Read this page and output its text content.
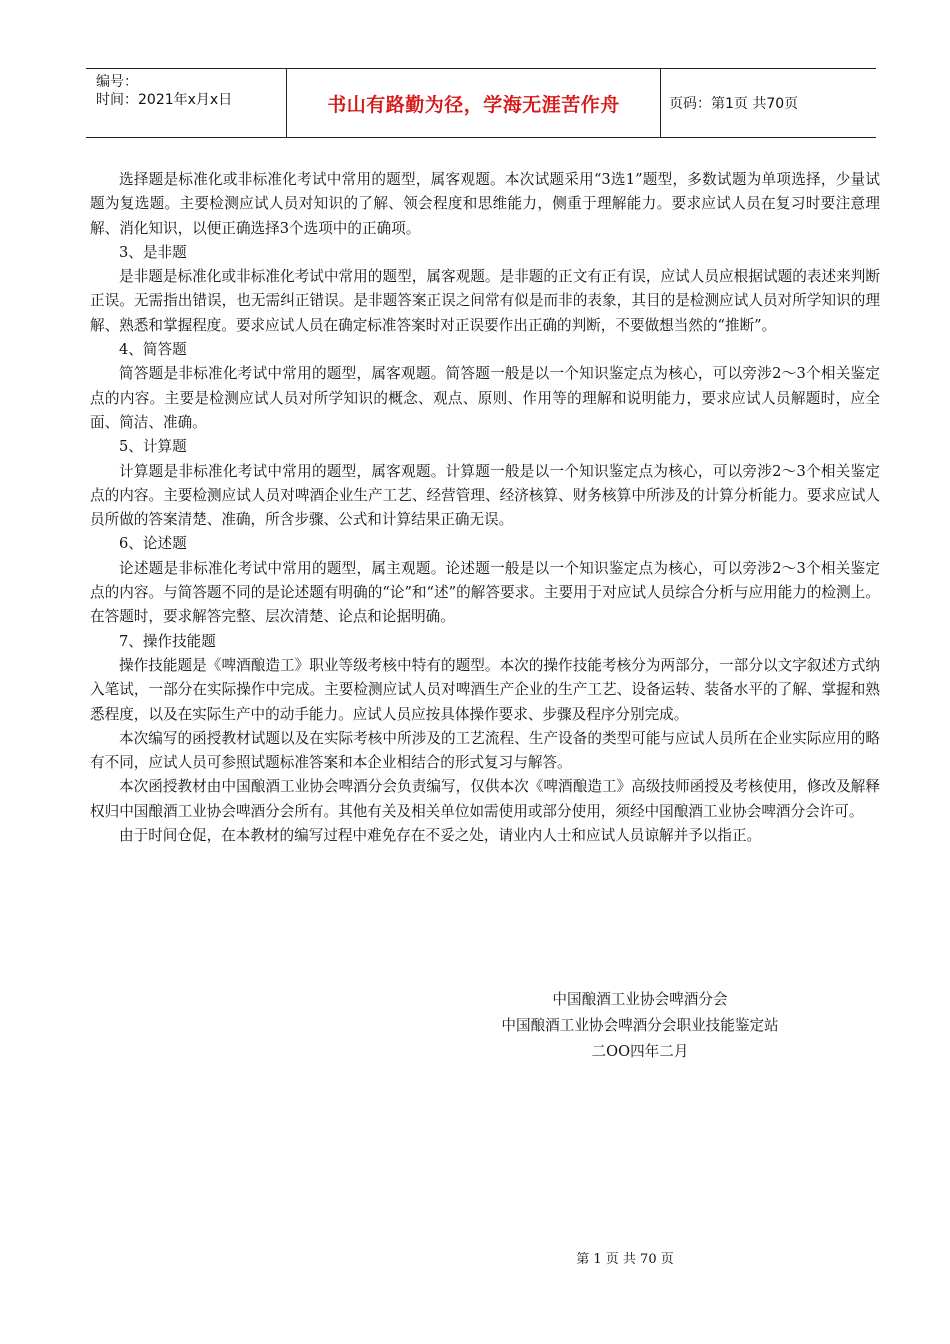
编号：
时间：2021年x月x日	书山有路勤为径，学海无涯苦作舟	页码：第1页 共70页

选择题是标准化或非标准化考试中常用的题型，属客观题。本次试题采用“3选1”题型，多数试题为单项选择，少量试题为复选题。主要检测应试人员对知识的了解、领会程度和思维能力，侧重于理解能力。要求应试人员在复习时要注意理解、消化知识，以便正确选择3个选项中的正确项。

3、是非题

是非题是标准化或非标准化考试中常用的题型，属客观题。是非题的正文有正有误，应试人员应根据试题的表述来判断正误。无需指出错误，也无需纠正错误。是非题答案正误之间常有似是而非的表象，其目的是检测应试人员对所学知识的理解、熟悉和掌握程度。要求应试人员在确定标准答案时对正误要作出正确的判断，不要做想当然的“推断”。

4、简答题

简答题是非标准化考试中常用的题型，属客观题。简答题一般是以一个知识鉴定点为核心，可以旁涉2～3个相关鉴定点的内容。主要是检测应试人员对所学知识的概念、观点、原则、作用等的理解和说明能力，要求应试人员解题时，应全面、简洁、准确。

5、计算题

计算题是非标准化考试中常用的题型，属客观题。计算题一般是以一个知识鉴定点为核心，可以旁涉2～3个相关鉴定点的内容。主要检测应试人员对啤酒企业生产工艺、经营管理、经济核算、财务核算中所涉及的计算分析能力。要求应试人员所做的答案清楚、准确，所含步骤、公式和计算结果正确无误。

6、论述题

论述题是非标准化考试中常用的题型，属主观题。论述题一般是以一个知识鉴定点为核心，可以旁涉2～3个相关鉴定点的内容。与简答题不同的是论述题有明确的“论”和“述”的解答要求。主要用于对应试人员综合分析与应用能力的检测上。在答题时，要求解答完整、层次清楚、论点和论据明确。

7、操作技能题

操作技能题是《啤酒酿造工》职业等级考核中特有的题型。本次的操作技能考核分为两部分，一部分以文字叙述方式纳入笔试，一部分在实际操作中完成。主要检测应试人员对啤酒生产企业的生产工艺、设备运转、装备水平的了解、掌握和熟悉程度，以及在实际生产中的动手能力。应试人员应按具体操作要求、步骤及程序分别完成。

本次编写的函授教材试题以及在实际考核中所涉及的工艺流程、生产设备的类型可能与应试人员所在企业实际应用的略有不同，应试人员可参照试题标准答案和本企业相结合的形式复习与解答。

本次函授教材由中国酿酒工业协会啤酒分会负责编写，仅供本次《啤酒酿造工》高级技师函授及考核使用，修改及解释权归中国酿酒工业协会啤酒分会所有。其他有关及相关单位如需使用或部分使用，须经中国酿酒工业协会啤酒分会许可。

由于时间仓促，在本教材的编写过程中难免存在不妥之处，请业内人士和应试人员谅解并予以指正。

中国酿酒工业协会啤酒分会
中国酿酒工业协会啤酒分会职业技能鉴定站
二OO四年二月
第 1 页 共 70 页
